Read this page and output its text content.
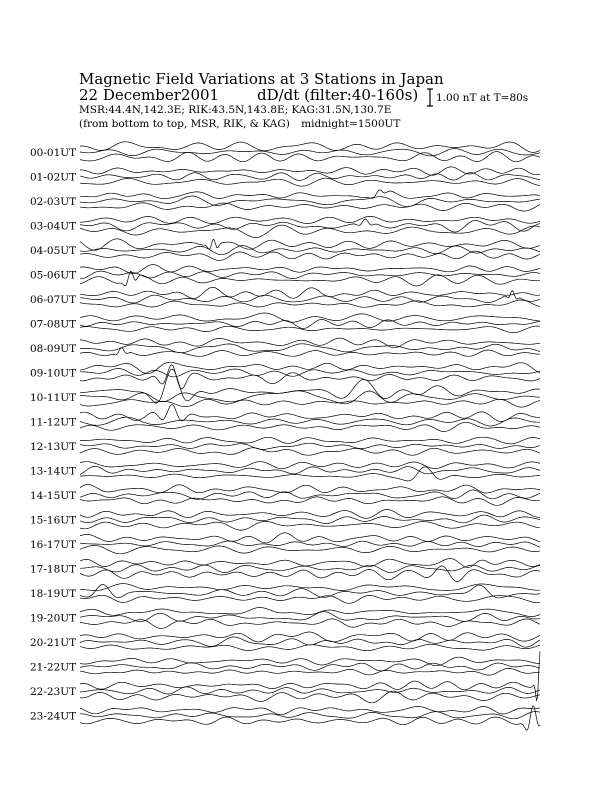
Magnetic Field Variations at 3 Stations in Japan
22 December2001	dD/dt (filter:40-160s)
MSR:44.4N,142.3E; RIK:43.5N,143.8E; KAG:31.5N,130.7E
(from bottom to top, MSR, RIK, & KAG) midnight=1500UT
00-01UT
01-02UT
02-03UT
03-04UT
04-05UT
05-06UT
06-07UT
07-08UT
08-09UT
09-10UT
10-11UT
11-12UT
12-13UT
13-14UT
14-15UT
15-16UT
16-17UT
17-18UT
18-19UT
19-20UT
20-21UT
21-22UT
22-23UT
23-24UT
1.00 nT at T=80s
